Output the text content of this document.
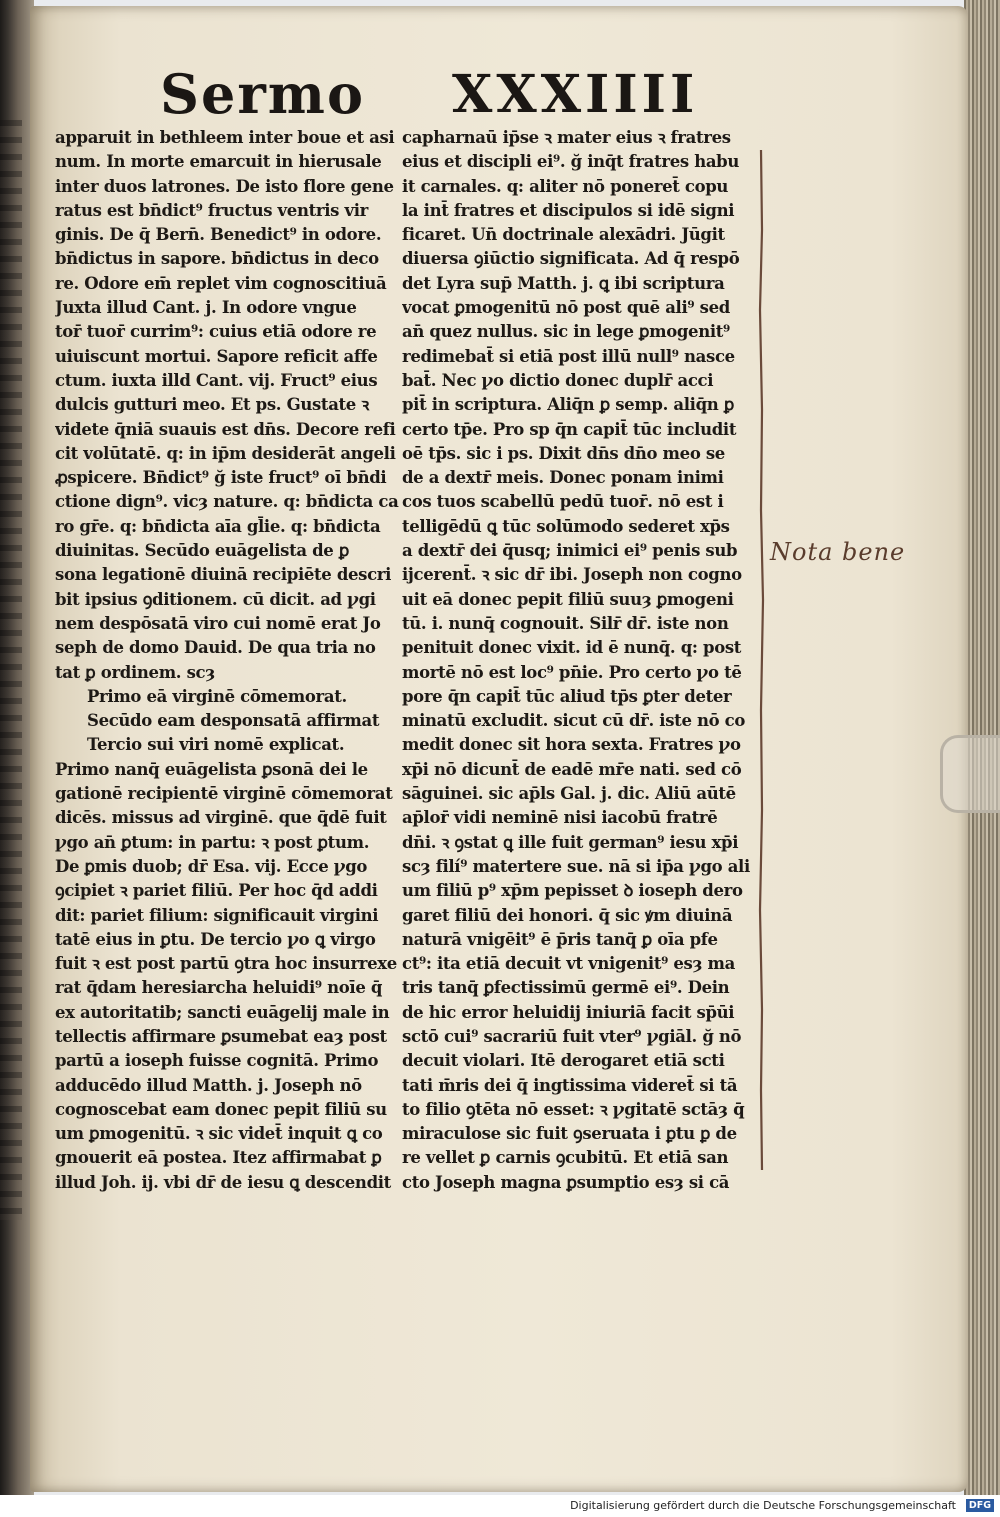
Sermo XXXIIII
apparuit in bethleem inter boue et asi
num. In morte emarcuit in hierusale
inter duos latrones. De isto flore gene
ratus est bn̄dict⁹ fructus ventris vir
ginis. De q̄ Bern̄. Benedict⁹ in odore.
bn̄dictus in sapore. bn̄dictus in deco
re. Odore em̄ replet vim cognoscitiuā
Juxta illud Cant. j. In odore vngue
tor̄ tuor̄ currim⁹: cuius etiā odore re
uiuiscunt mortui. Sapore reficit affe
ctum. iuxta illd Cant. vij. Fruct⁹ eius
dulcis gutturi meo. Et ps. Gustate ꝛ
videte q̄niā suauis est dn̄s. Decore refi
cit volūtatē. q: in ip̄m desiderāt angeli
ꝓspicere. Bn̄dict⁹ ğ iste fruct⁹ oī bn̄di
ctione dign⁹. vicȝ nature. q: bn̄dicta ca
ro gr̄e. q: bn̄dicta aīa gl̄ie. q: bn̄dicta
diuinitas. Secūdo euāgelista de ꝑ
sona legationē diuinā recipiēte descri
bit ipsius ꝯditionem. cū dicit. ad ꝩgi
nem despōsatā viro cui nomē erat Jo
seph de domo Dauid. De qua tria no
tat ꝑ ordinem. scȝ
Primo eā virginē cōmemorat.
Secūdo eam desponsatā affirmat
Tercio sui viri nomē explicat.
Primo nanq̄ euāgelista ꝑsonā dei le
gationē recipientē virginē cōmemorat
dicēs. missus ad virginē. que q̄dē fuit
ꝩgo an̄ ꝑtum: in partu: ꝛ post ꝑtum.
De ꝑmis duob; dr̄ Esa. vij. Ecce ꝩgo
ꝯcipiet ꝛ pariet filiū. Per hoc q̄d addi
dit: pariet filium: significauit virgini
tatē eius in ꝑtu. De tercio ꝩo ꝗ virgo
fuit ꝛ est post partū ꝯtra hoc insurrexe
rat q̄dam heresiarcha heluidi⁹ noīe q̄
ex autoritatib; sancti euāgelij male in
tellectis affirmare ꝑsumebat eaȝ post
partū a ioseph fuisse cognitā. Primo
adducēdo illud Matth. j. Joseph nō
cognoscebat eam donec pepit filiū su
um ꝑmogenitū. ꝛ sic videt̄ inquit ꝗ co
gnouerit eā postea. Itez affirmabat ꝑ
illud Joh. ij. vbi dr̄ de iesu ꝗ descendit
capharnaū ip̄se ꝛ mater eius ꝛ fratres
eius et discipli ei⁹. ğ inq̄t fratres habu
it carnales. q: aliter nō poneret̄ copu
la int̄ fratres et discipulos si idē signi
ficaret. Un̄ doctrinale alexādri. Jūgit
diuersa ꝯiūctio significata. Ad q̄ respō
det Lyra sup̄ Matth. j. ꝗ ibi scriptura
vocat ꝑmogenitū nō post quē ali⁹ sed
an̄ quez nullus. sic in lege ꝑmogenit⁹
redimebat̄ si etiā post illū null⁹ nasce
bat̄. Nec ꝩo dictio donec duplr̄ acci
pit̄ in scriptura. Aliq̄n ꝑ semp. aliq̄n ꝑ
certo tp̄e. Pro sp q̄n capit̄ tūc includit
oē tp̄s. sic i ps. Dixit dn̄s dn̄o meo se
de a dextr̄ meis. Donec ponam inimi
cos tuos scabellū pedū tuor̄. nō est i
telligēdū ꝗ tūc solūmodo sederet xp̄s
a dextr̄ dei q̄usq; inimici ei⁹ penis sub
ijcerent̄. ꝛ sic dr̄ ibi. Joseph non cogno
uit eā donec pepit filiū suuȝ ꝑmogeni
tū. i. nunq̄ cognouit. Silr̄ dr̄. iste non
penituit donec vixit. id ē nunq̄. q: post
mortē nō est loc⁹ pn̄ie. Pro certo ꝩo tē
pore q̄n capit̄ tūc aliud tp̄s ꝑter deter
minatū excludit. sicut cū dr̄. iste nō co
medit donec sit hora sexta. Fratres ꝩo
xp̄i nō dicunt̄ de eadē mr̄e nati. sed cō
sāguinei. sic ap̄ls Gal. j. dic. Aliū aūtē
ap̄lor̄ vidi neminē nisi iacobū fratrē
dn̄i. ꝛ ꝯstat ꝗ ille fuit german⁹ iesu xp̄i
scȝ filí⁹ matertere sue. nā si ip̄a ꝩgo ali
um filiū p⁹ xp̄m pepisset ꝺ ioseph dero
garet filiū dei honori. q̄ sic ꝟm diuinā
naturā vnigēit⁹ ē p̄ris tanq̄ ꝑ oīa pfe
ct⁹: ita etiā decuit vt vnigenit⁹ esȝ ma
tris tanq̄ ꝑfectissimū germē ei⁹. Dein
de hic error heluidij iniuriā facit sp̄ūi
sctō cui⁹ sacrariū fuit vter⁹ ꝩgiāl. ğ nō
decuit violari. Itē derogaret etiā scti
tati m̄ris dei q̄ ingtissima videret̄ si tā
to filio ꝯtēta nō esset: ꝛ ꝩgitatē sctāȝ q̄
miraculose sic fuit ꝯseruata i ꝑtu ꝑ de
re vellet ꝑ carnis ꝯcubitū. Et etiā san
cto Joseph magna ꝑsumptio esȝ si cā
Nota bene
Digitalisierung gefördert durch die Deutsche Forschungsgemeinschaft	DFG
